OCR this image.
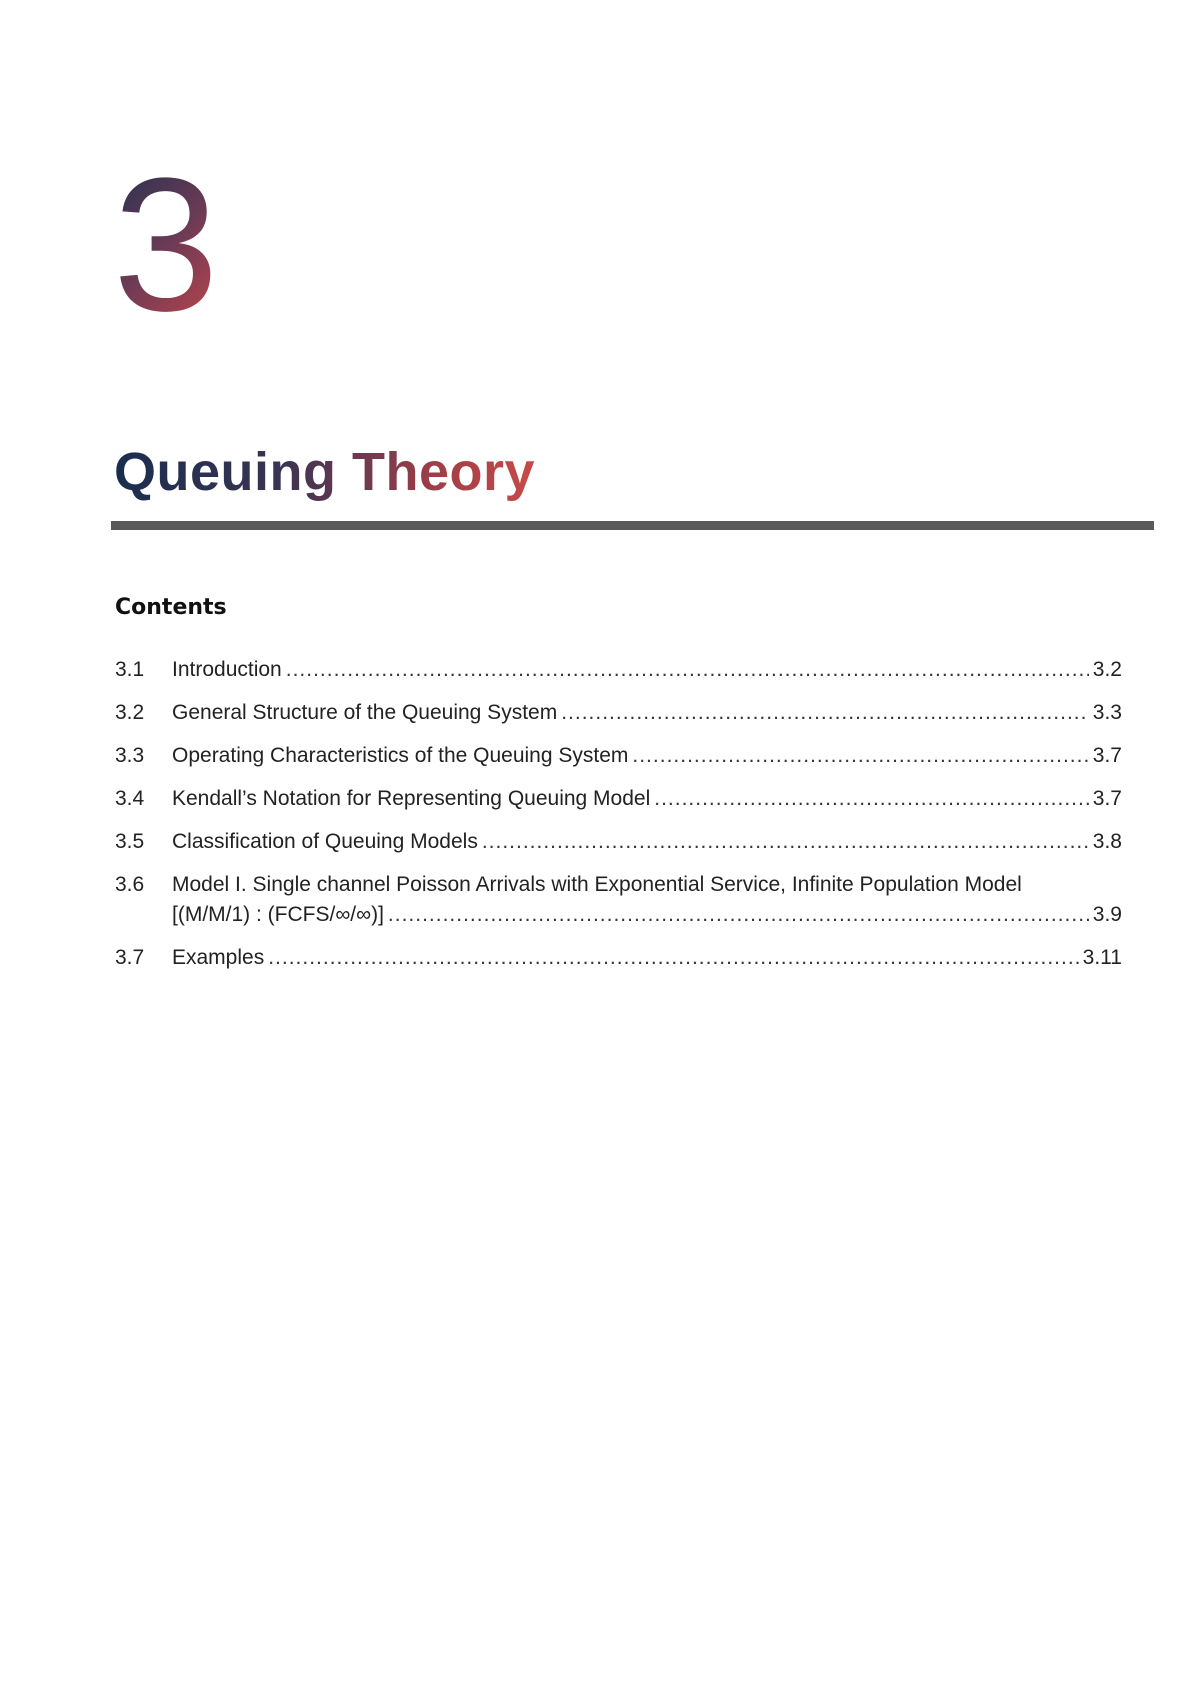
3
Queuing Theory
Contents
3.1	Introduction .....	3.2
3.2	General Structure of the Queuing System .....	3.3
3.3	Operating Characteristics of the Queuing System .....	3.7
3.4	Kendall’s Notation for Representing Queuing Model .....	3.7
3.5	Classification of Queuing Models .....	3.8
3.6	Model I. Single channel Poisson Arrivals with Exponential Service, Infinite Population Model
[(M/M/1) : (FCFS/∞/∞)] .....	3.9
3.7	Examples .....	3.11
